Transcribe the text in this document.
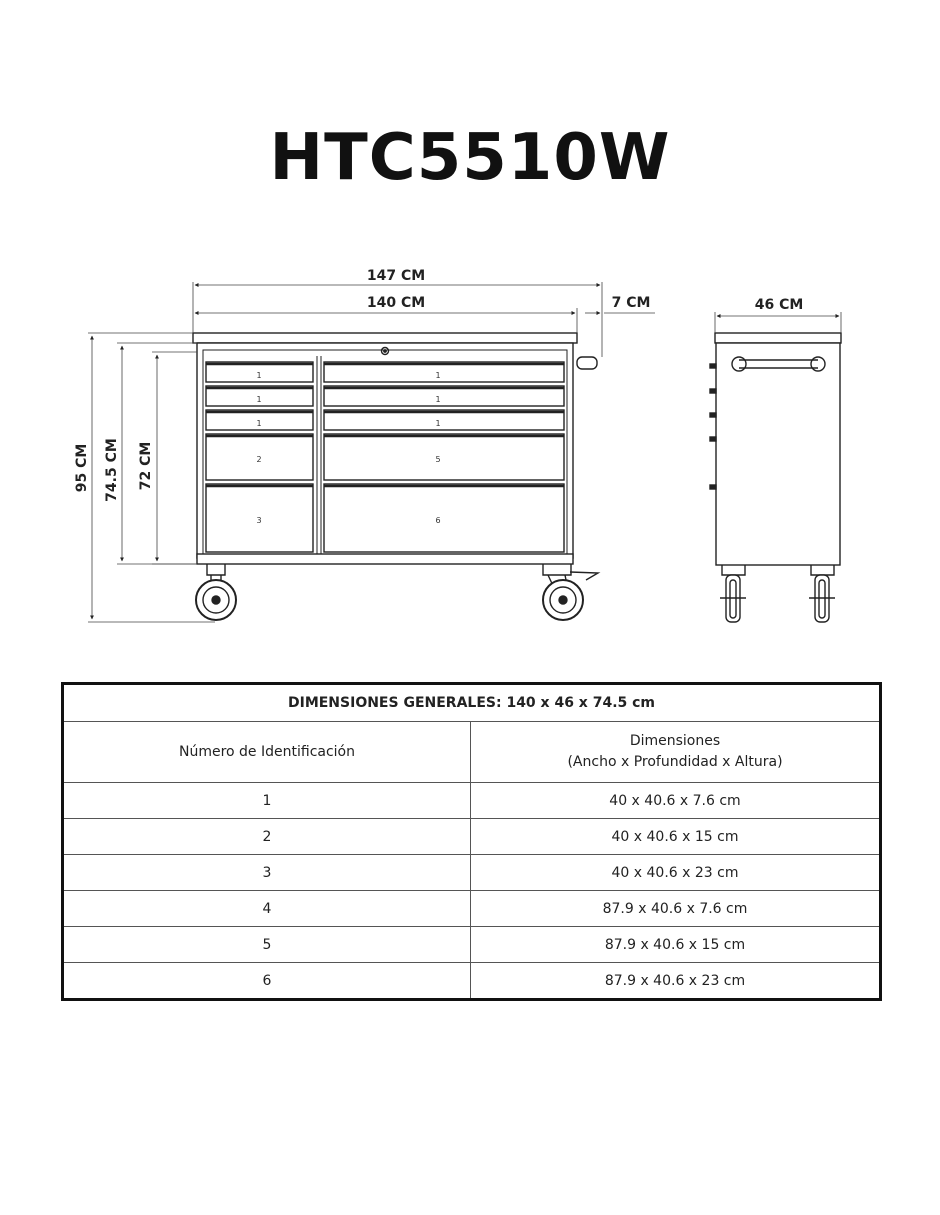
HTC5510W
1
1
1
2
3
1
1
1
5
6
147 CM
140 CM	7 CM
95 CM 74.5 CM 72 CM
46 CM
DIMENSIONES GENERALES: 140 x 46 x 74.5 cm	
Número de Identificación	Dimensiones
(Ancho x Profundidad x Altura)

1	40 x 40.6 x 7.6 cm
2	40 x 40.6 x 15 cm
3	40 x 40.6 x 23 cm
4	87.9 x 40.6 x 7.6 cm
5	87.9 x 40.6 x 15 cm
6	87.9 x 40.6 x 23 cm
